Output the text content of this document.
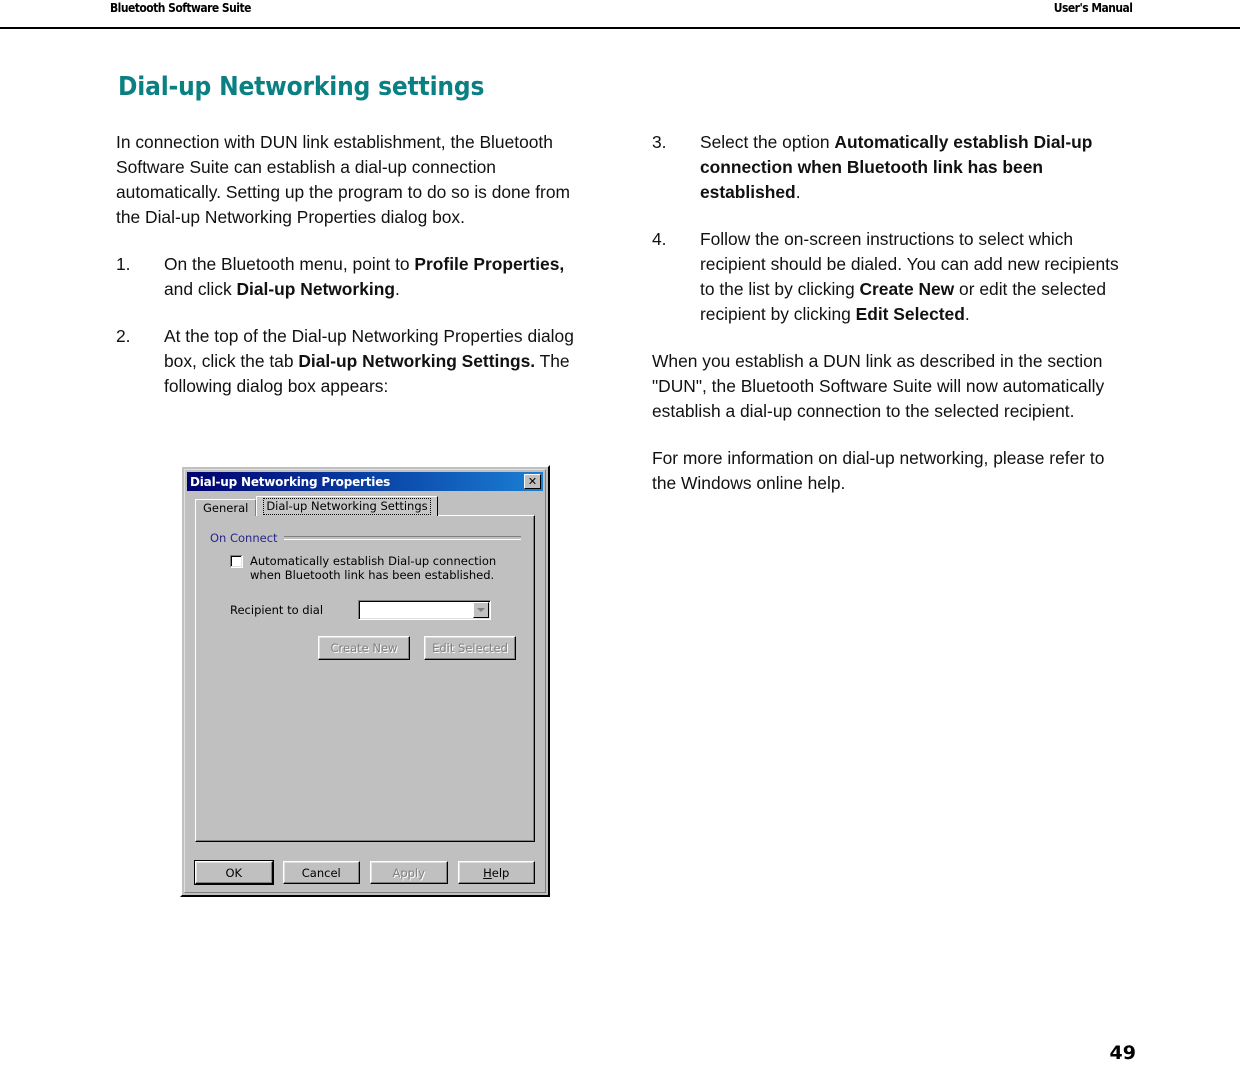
Bluetooth Software Suite	User's Manual
Dial-up Networking settings

In connection with DUN link establishment, the Bluetooth Software Suite can establish a dial-up connection automatically. Setting up the program to do so is done from the Dial-up Networking Properties dialog box.

1.	On the Bluetooth menu, point to Profile Properties, and click Dial-up Networking.
2.	At the top of the Dial-up Networking Properties dialog box, click the tab Dial-up Networking Settings. The following dialog box appears:
3.	Select the option Automatically establish Dial-up connection when Bluetooth link has been established.
4.	Follow the on-screen instructions to select which recipient should be dialed. You can add new recipients to the list by clicking Create New or edit the selected recipient by clicking Edit Selected.

When you establish a DUN link as described in the section "DUN", the Bluetooth Software Suite will now automatically establish a dial-up connection to the selected recipient.

For more information on dial-up networking, please refer to the Windows online help.

Dial-up Networking Properties	✕
General Dial-up Networking Settings
On Connect
Automatically establish Dial-up connection when Bluetooth link has been established.
Recipient to dial
Create New	Edit Selected
OK	Cancel	Apply	H elp
49
